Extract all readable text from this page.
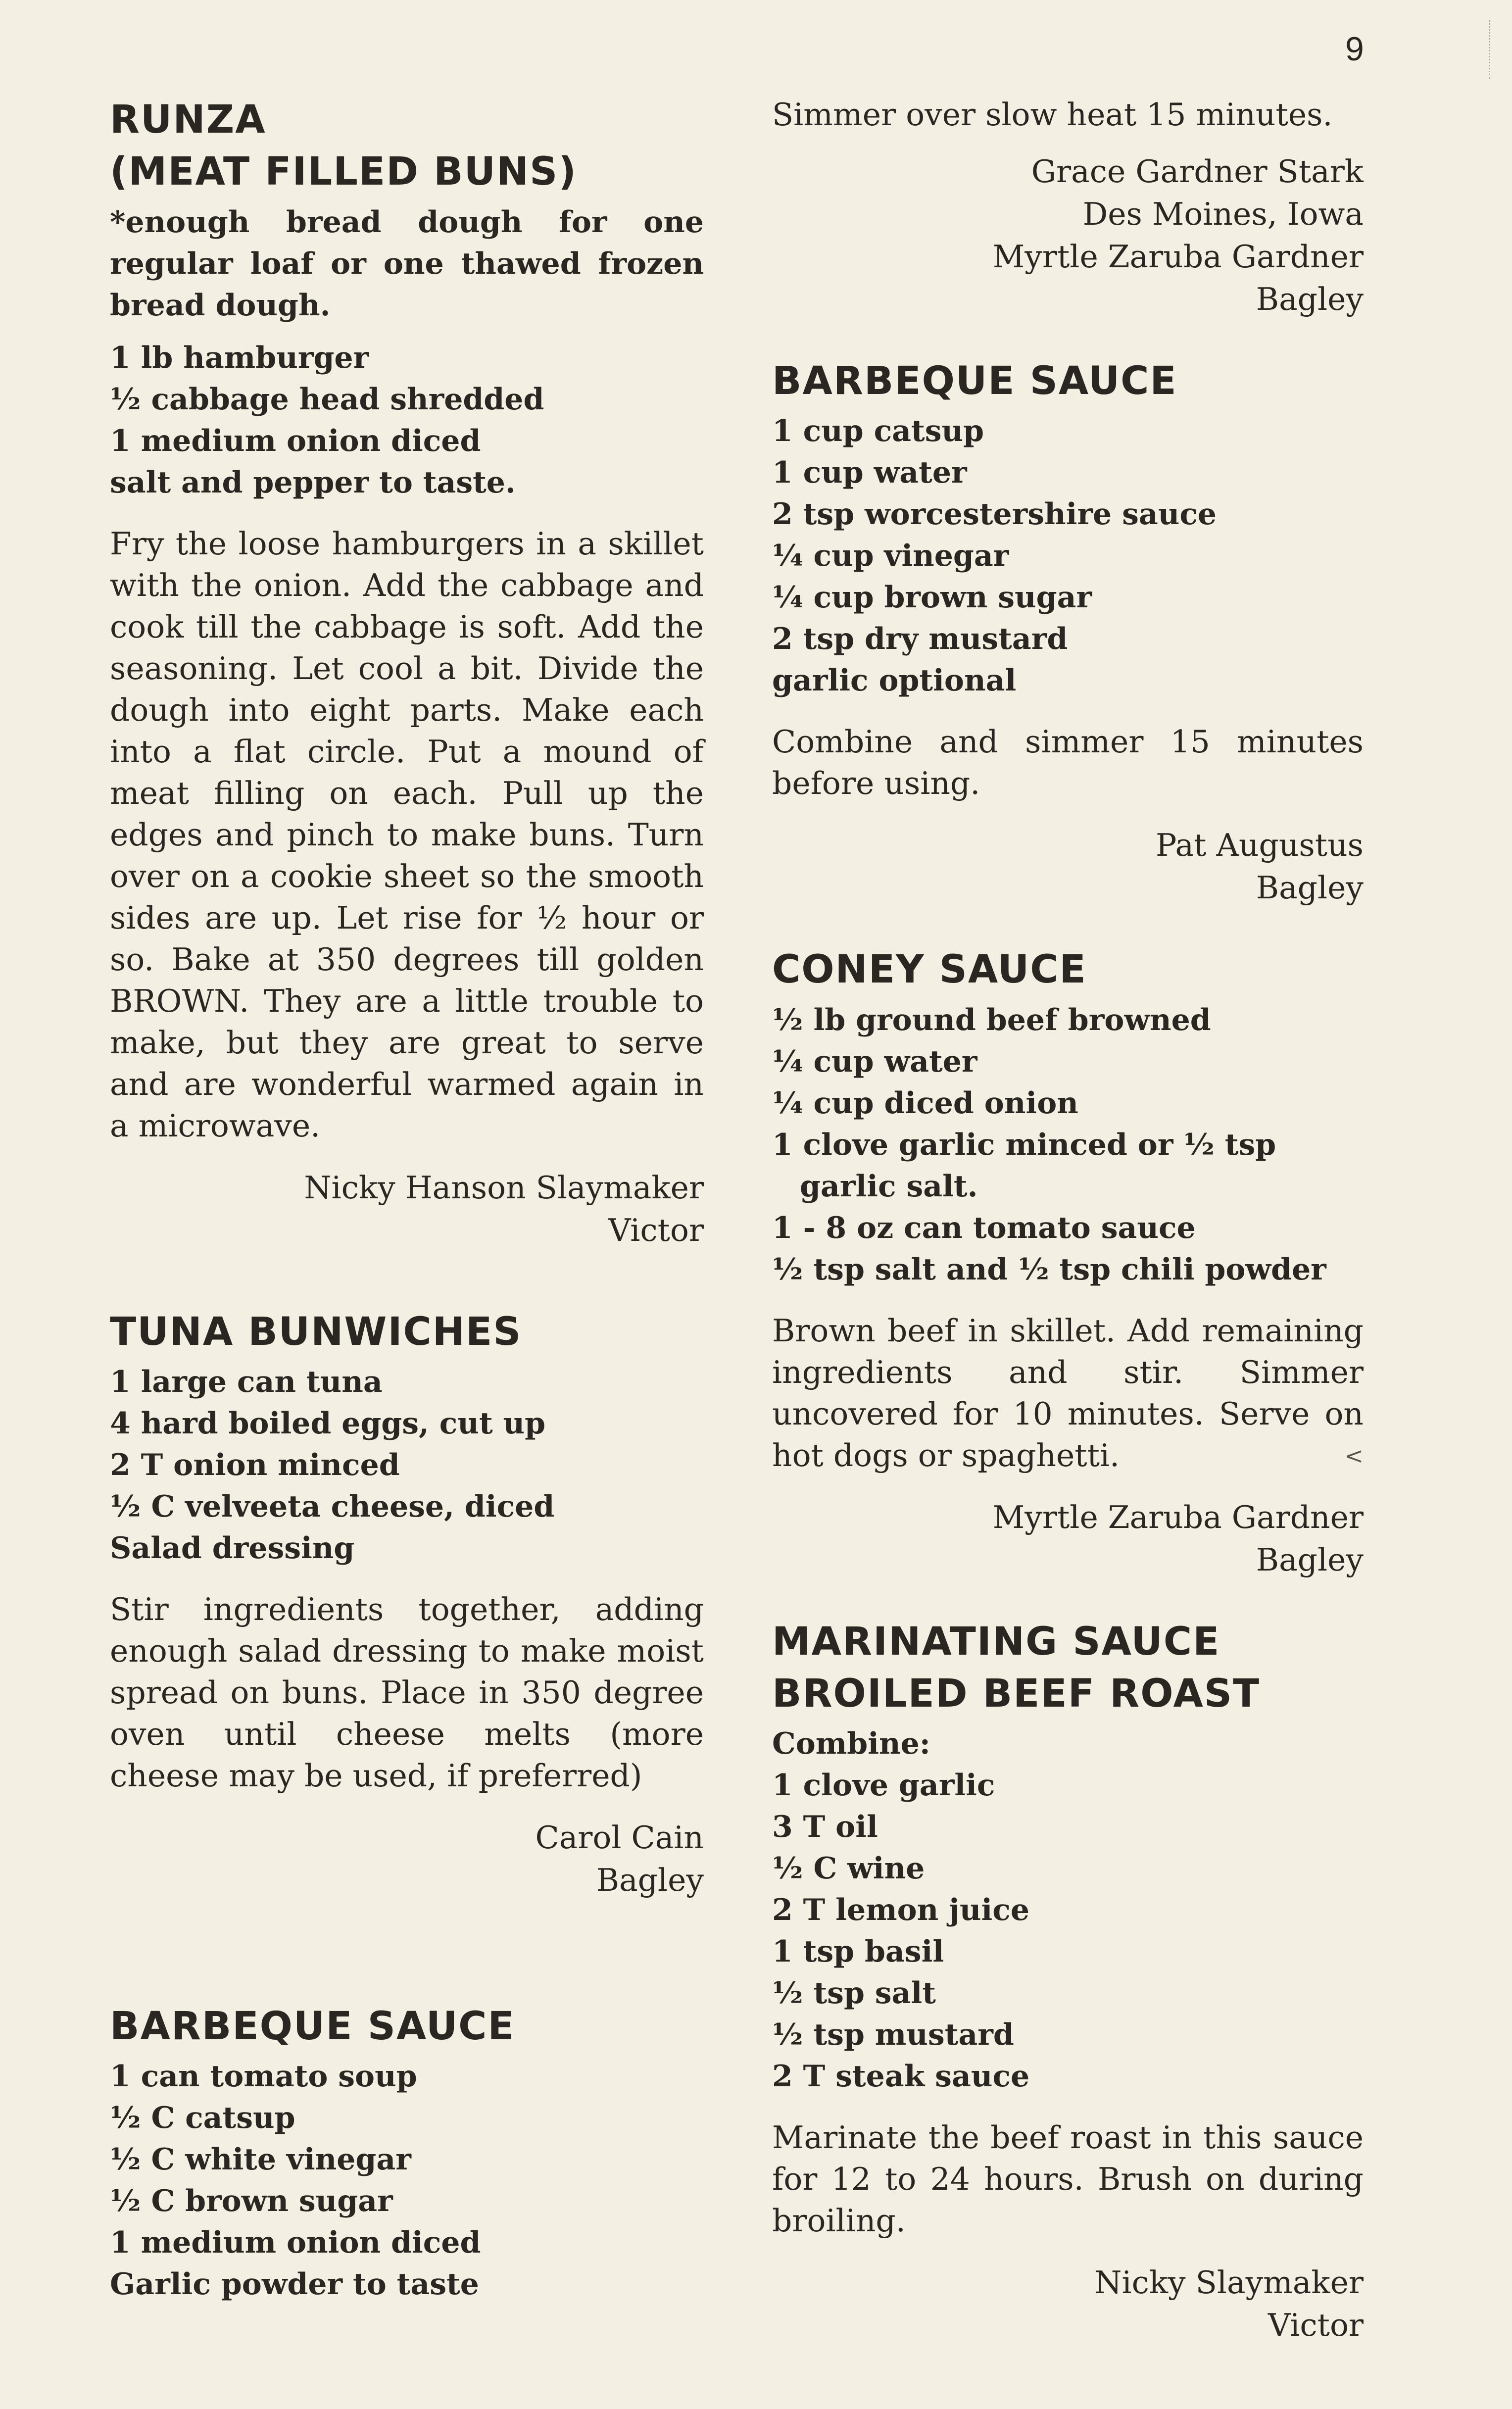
9
RUNZA
(MEAT FILLED BUNS)
*enough bread dough for one regular loaf or one thawed frozen bread dough.
1 lb hamburger
½ cabbage head shredded
1 medium onion diced
salt and pepper to taste.

Fry the loose hamburgers in a skillet with the onion. Add the cabbage and cook till the cabbage is soft. Add the seasoning. Let cool a bit. Divide the dough into eight parts. Make each into a flat circle. Put a mound of meat filling on each. Pull up the edges and pinch to make buns. Turn over on a cookie sheet so the smooth sides are up. Let rise for ½ hour or so. Bake at 350 degrees till golden BROWN. They are a little trouble to make, but they are great to serve and are wonderful warmed again in a microwave.

Nicky Hanson Slaymaker
Victor
TUNA BUNWICHES
1 large can tuna
4 hard boiled eggs, cut up
2 T onion minced
½ C velveeta cheese, diced
Salad dressing

Stir ingredients together, adding enough salad dressing to make moist spread on buns. Place in 350 degree oven until cheese melts (more cheese may be used, if preferred)

Carol Cain
Bagley
BARBEQUE SAUCE
1 can tomato soup
½ C catsup
½ C white vinegar
½ C brown sugar
1 medium onion diced
Garlic powder to taste

Simmer over slow heat 15 minutes.

Grace Gardner Stark
Des Moines, Iowa
Myrtle Zaruba Gardner
Bagley
BARBEQUE SAUCE
1 cup catsup
1 cup water
2 tsp worcestershire sauce
¼ cup vinegar
¼ cup brown sugar
2 tsp dry mustard
garlic optional

Combine and simmer 15 minutes before using.

Pat Augustus
Bagley
CONEY SAUCE
½ lb ground beef browned
¼ cup water
¼ cup diced onion
1 clove garlic minced or ½ tsp garlic salt.
1 - 8 oz can tomato sauce
½ tsp salt and ½ tsp chili powder

Brown beef in skillet. Add remaining ingredients and stir. Simmer uncovered for 10 minutes. Serve on hot dogs or spaghetti.	<

Myrtle Zaruba Gardner
Bagley
MARINATING SAUCE
BROILED BEEF ROAST
Combine:
1 clove garlic
3 T oil
½ C wine
2 T lemon juice
1 tsp basil
½ tsp salt
½ tsp mustard
2 T steak sauce

Marinate the beef roast in this sauce for 12 to 24 hours. Brush on during broiling.

Nicky Slaymaker
Victor
